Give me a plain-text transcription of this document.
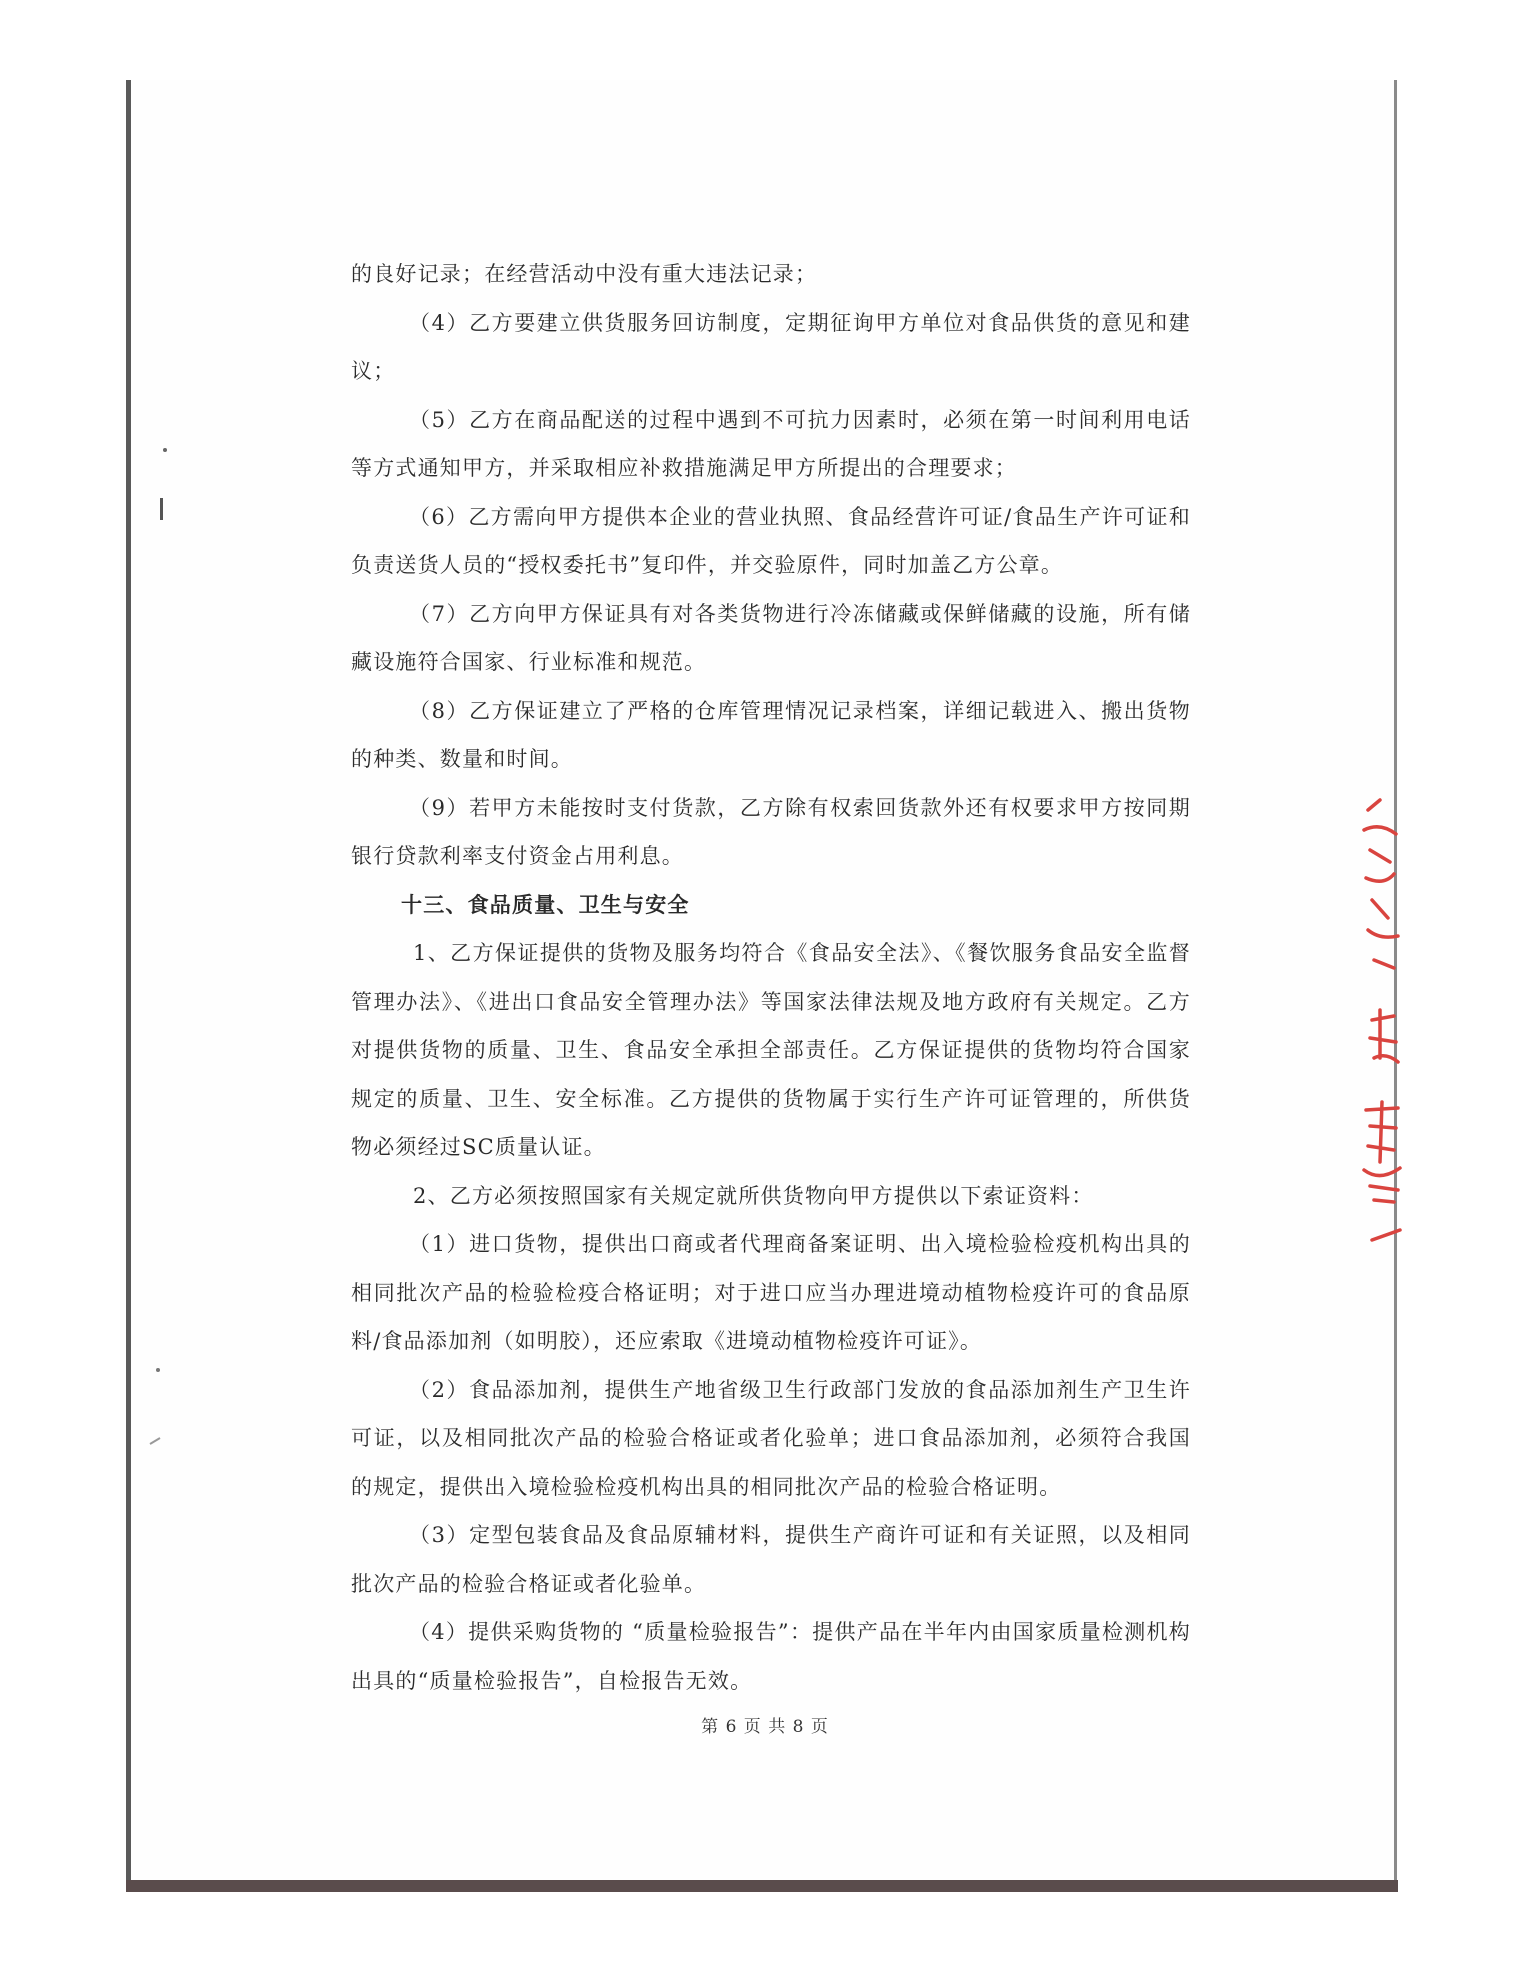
的良好记录；在经营活动中没有重大违法记录；

（4）乙方要建立供货服务回访制度，定期征询甲方单位对食品供货的意见和建议；

（5）乙方在商品配送的过程中遇到不可抗力因素时，必须在第一时间利用电话等方式通知甲方，并采取相应补救措施满足甲方所提出的合理要求；

（6）乙方需向甲方提供本企业的营业执照、食品经营许可证/食品生产许可证和负责送货人员的“授权委托书”复印件，并交验原件，同时加盖乙方公章。

（7）乙方向甲方保证具有对各类货物进行冷冻储藏或保鲜储藏的设施，所有储藏设施符合国家、行业标准和规范。

（8）乙方保证建立了严格的仓库管理情况记录档案，详细记载进入、搬出货物的种类、数量和时间。

（9）若甲方未能按时支付货款，乙方除有权索回货款外还有权要求甲方按同期银行贷款利率支付资金占用利息。

十三、食品质量、卫生与安全

1、乙方保证提供的货物及服务均符合《食品安全法》、《餐饮服务食品安全监督管理办法》、《进出口食品安全管理办法》等国家法律法规及地方政府有关规定。乙方对提供货物的质量、卫生、食品安全承担全部责任。乙方保证提供的货物均符合国家规定的质量、卫生、安全标准。乙方提供的货物属于实行生产许可证管理的，所供货物必须经过SC质量认证。

2、乙方必须按照国家有关规定就所供货物向甲方提供以下索证资料：

（1）进口货物，提供出口商或者代理商备案证明、出入境检验检疫机构出具的相同批次产品的检验检疫合格证明；对于进口应当办理进境动植物检疫许可的食品原料/食品添加剂（如明胶），还应索取《进境动植物检疫许可证》。

（2）食品添加剂，提供生产地省级卫生行政部门发放的食品添加剂生产卫生许可证，以及相同批次产品的检验合格证或者化验单；进口食品添加剂，必须符合我国的规定，提供出入境检验检疫机构出具的相同批次产品的检验合格证明。

（3）定型包装食品及食品原辅材料，提供生产商许可证和有关证照，以及相同批次产品的检验合格证或者化验单。

（4）提供采购货物的 “质量检验报告”：提供产品在半年内由国家质量检测机构出具的“质量检验报告”，自检报告无效。

第 6 页 共 8 页
